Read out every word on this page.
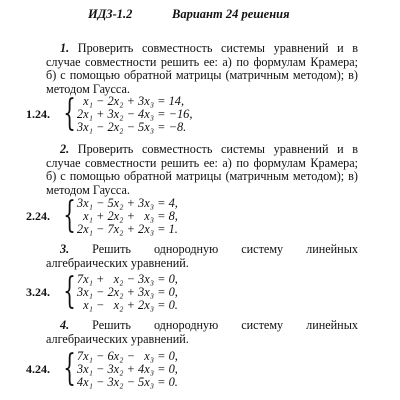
ИДЗ-1.2	Вариант 24 решения
1. Проверить совместность системы уравнений и в случае совместности решить ее: а) по формулам Крамера; б) с помощью обратной матрицы (матричным методом); в) методом Гаусса.
1.24. { x₁ − 2x₂ + 3x₃ = 14,
2x₁ + 3x₂ − 4x₃ = −16,
3x₁ − 2x₂ − 5x₃ = −8.
2. Проверить совместность системы уравнений и в случае совместности решить ее: а) по формулам Крамера; б) с помощью обратной матрицы (матричным методом); в) методом Гаусса.
2.24. { 3x₁ − 5x₂ + 3x₃ = 4,
x₁ + 2x₂ +   x₃ = 8,
2x₁ − 7x₂ + 2x₃ = 1.
3. Решить однородную систему линейных алгебраических уравнений.
3.24. { 7x₁ +   x₂ − 3x₃ = 0,
3x₁ − 2x₂ + 3x₃ = 0,
x₁ −   x₂ + 2x₃ = 0.
4. Решить однородную систему линейных алгебраических уравнений.
4.24. { 7x₁ − 6x₂ −   x₃ = 0,
3x₁ − 3x₂ + 4x₃ = 0,
4x₁ − 3x₂ − 5x₃ = 0.
